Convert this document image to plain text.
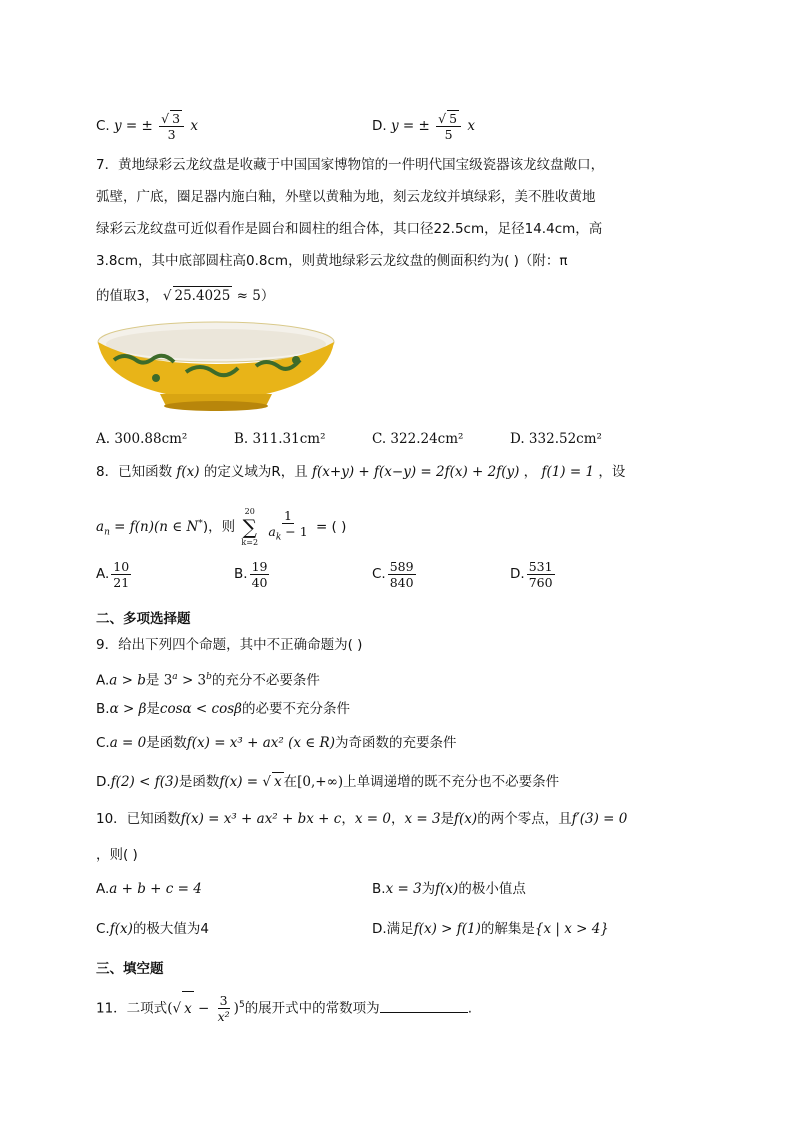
C. y = ± $\frac{√ 3}{3}$ x	D. y = ± $\frac{√ 5}{5}$ x
7．黄地绿彩云龙纹盘是收藏于中国国家博物馆的一件明代国宝级瓷器该龙纹盘敞口，
弧壁，广底，圈足器内施白釉，外壁以黄釉为地，刻云龙纹并填绿彩，美不胜收黄地
绿彩云龙纹盘可近似看作是圆台和圆柱的组合体，其口径22.5cm，足径14.4cm，高
3.8cm，其中底部圆柱高0.8cm，则黄地绿彩云龙纹盘的侧面积约为( )（附：π
的值取3， √ 25.4025 ≈ 5）
A. 300.88cm²	B. 311.31cm²	C. 322.24cm²	D. 332.52cm²
8．已知函数 f(x) 的定义域为R，且 f(x+y) + f(x−y) = 2f(x) + 2f(y) ， f(1) = 1 ，设
$a_n = f(n)(n$ ∈ N*)，则
20
∑
k=2
$\frac{1}{a_k - 1}$ = ( )
A. $\frac{10}{21}$	B. $\frac{19}{40}$	C. $\frac{589}{840}$	D. $\frac{531}{760}$
二、多项选择题
9．给出下列四个命题，其中不正确命题为( )
A.a > b是 $3^a > 3^b$的充分不必要条件
B.α > β是cosα < cosβ的必要不充分条件
C.a = 0是函数f(x) = x³ + ax² (x ∈ R)为奇函数的充要条件
D.f(2) < f(3)是函数f(x) = √ x 在[0,+∞)上单调递增的既不充分也不必要条件
10．已知函数f(x) = x³ + ax² + bx + c，x = 0，x = 3是f(x)的两个零点，且f′(3) = 0
，则( )
A.a + b + c = 4	B.x = 3为f(x)的极小值点
C.f(x)的极大值为4	D.满足f(x) > f(1)的解集是{x | x > 4}
三、填空题
11．二项式(√ $x - \frac{3}{\text{x²}} )^5$的展开式中的常数项为	.
